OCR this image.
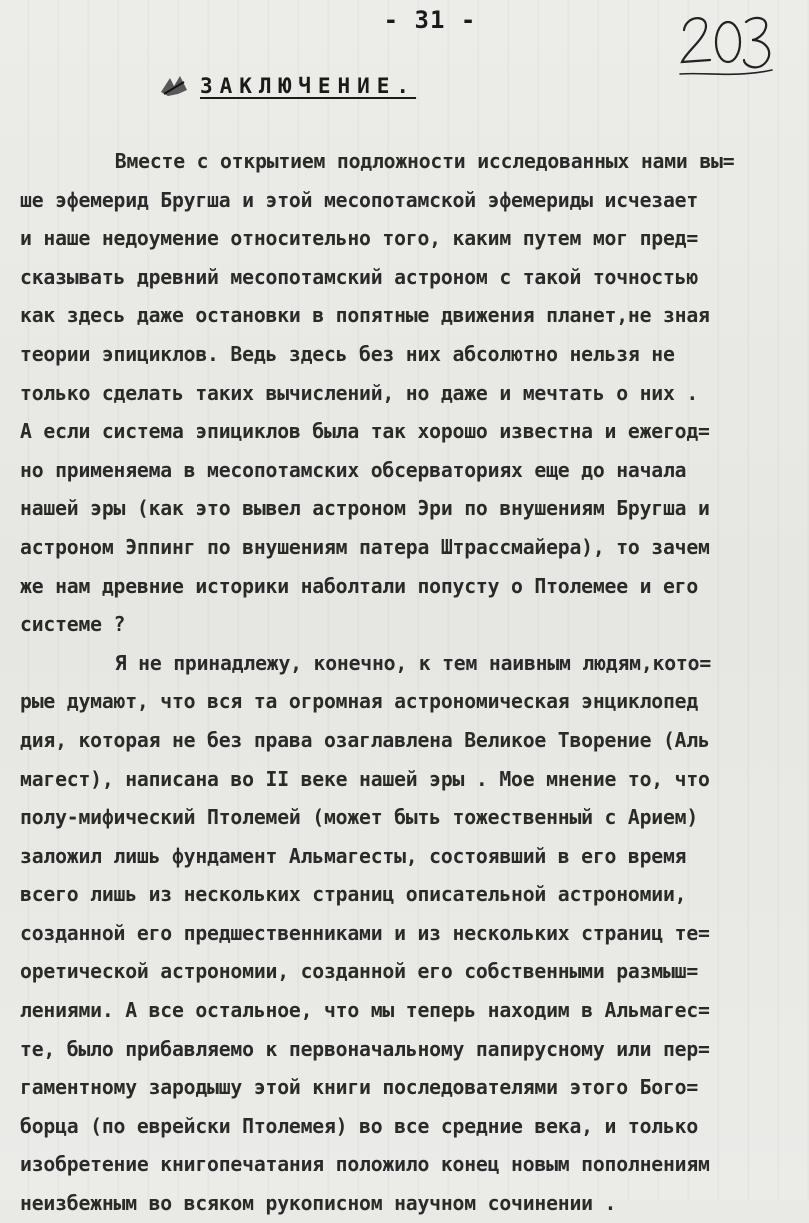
- 31 -
ЗАКЛЮЧЕНИЕ.
Вместе с открытием подложности исследованных нами вы=
ше эфемерид Бругша и этой месопотамской эфемериды исчезает
и наше недоумение относительно того, каким путем мог пред=
сказывать древний месопотамский астроном с такой точностью
как здесь даже остановки в попятные движения планет,не зная
теории эпициклов. Ведь здесь без них абсолютно нельзя не
только сделать таких вычислений, но даже и мечтать о них .
А если система эпициклов была так хорошо известна и ежегод=
но применяема в месопотамских обсерваториях еще до начала
нашей эры (как это вывел астроном Эри по внушениям Бругша и
астроном Эппинг по внушениям патера Штрассмайера), то зачем
же нам древние историки наболтали попусту о Птолемее и его
системе ?
Я не принадлежу, конечно, к тем наивным людям,кото=
рые думают, что вся та огромная астрономическая энциклопед
дия, которая не без права озаглавлена Великое Творение (Аль
магест), написана во II веке нашей эры . Мое мнение то, что
полу-мифический Птолемей (может быть тожественный с Арием)
заложил лишь фундамент Альмагесты, состоявший в его время
всего лишь из нескольких страниц описательной астрономии,
созданной его предшественниками и из нескольких страниц те=
оретической астрономии, созданной его собственными размыш=
лениями. А все остальное, что мы теперь находим в Альмагес=
те, было прибавляемо к первоначальному папирусному или пер=
гаментному зародышу этой книги последователями этого Бого=
борца (по еврейски Птолемея) во все средние века, и только
изобретение книгопечатания положило конец новым пополнениям
неизбежным во всяком рукописном научном сочинении .
